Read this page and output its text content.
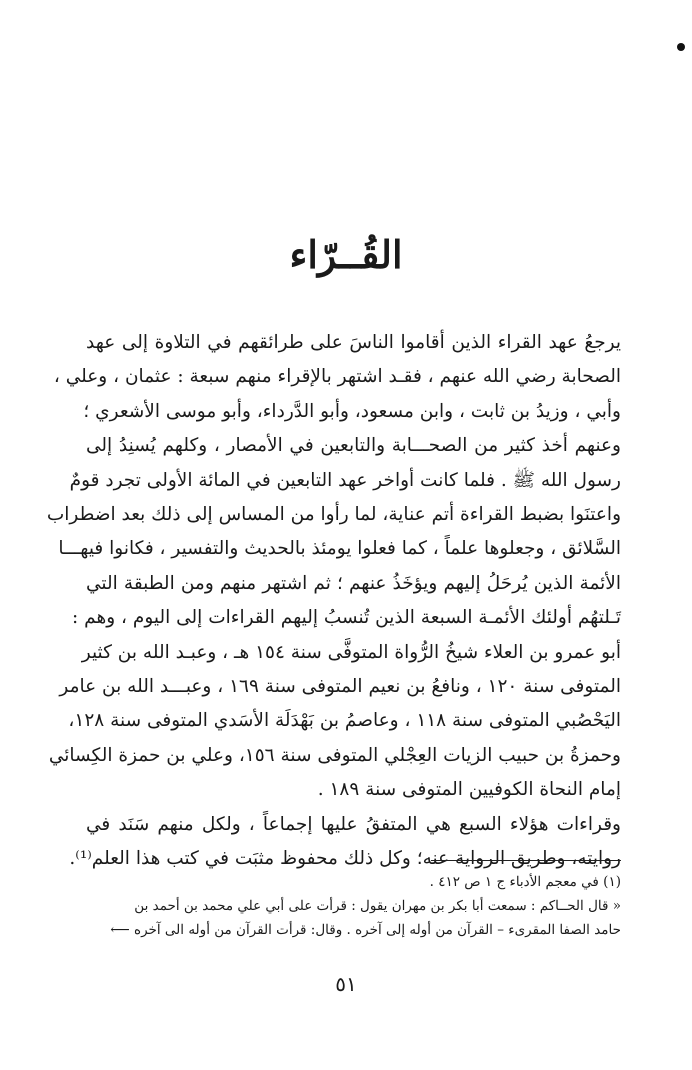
القُــرّاء
يرجعُ عهد القراء الذين أقاموا الناسَ على طرائقهم في التلاوة إلى عهد
الصحابة رضي الله عنهم ، فقـد اشتهر بالإقراء منهم سبعة : عثمان ، وعلي ،
وأبي ، وزيدُ بن ثابت ، وابن مسعود، وأبو الدَّرداء، وأبو موسى الأشعري ؛
وعنهم أخذ كثير من الصحـــابة والتابعين في الأمصار ، وكلهم يُسنِدُ إلى
رسول الله ﷺ . فلما كانت أواخر عهد التابعين في المائة الأولى تجرد قومٌ
واعتنَوا بضبط القراءة أتم عناية، لما رأوا من المساس إلى ذلك بعد اضطراب
السَّلائق ، وجعلوها علماً ، كما فعلوا يومئذ بالحديث والتفسير ، فكانوا فيهـــا
الأئمة الذين يُرحَلُ إليهم ويؤخَذُ عنهم ؛ ثم اشتهر منهم ومن الطبقة التي
تَـلتهُم أولئك الأئمـة السبعة الذين تُنسبُ إليهم القراءات إلى اليوم ، وهم :
أبو عمرو بن العلاء شيخُ الرُّواة المتوفَّى سنة ١٥٤ هـ ، وعبـد الله بن كثير
المتوفى سنة ١٢٠ ، ونافعُ بن نعيم المتوفى سنة ١٦٩ ، وعبـــد الله بن عامر
اليَحْصُبي المتوفى سنة ١١٨ ، وعاصمُ بن بَهْدَلَة الأسَدي المتوفى سنة ١٢٨،
وحمزةُ بن حبيب الزيات العِجْلي المتوفى سنة ١٥٦، وعلي بن حمزة الكِسائي
إمام النحاة الكوفيين المتوفى سنة ١٨٩ .
وقراءات هؤلاء السبع هي المتفقُ عليها إجماعاً ، ولكل منهم سَنَد في
روايته، وطريق الرواية عنه؛ وكل ذلك محفوظ مثبَت في كتب هذا العلم⁽¹⁾.
(١) في معجم الأدباء ج ١ ص ٤١٢ .
« قال الحــاكم : سمعت أبا بكر بن مهران يقول : قرأت على أبي علي محمد بن أحمد بن
حامد الصفا المقرىء – القرآن من أوله إلى آخره . وقال: قرأت القرآن من أوله الى آخره ⟵
٥١
